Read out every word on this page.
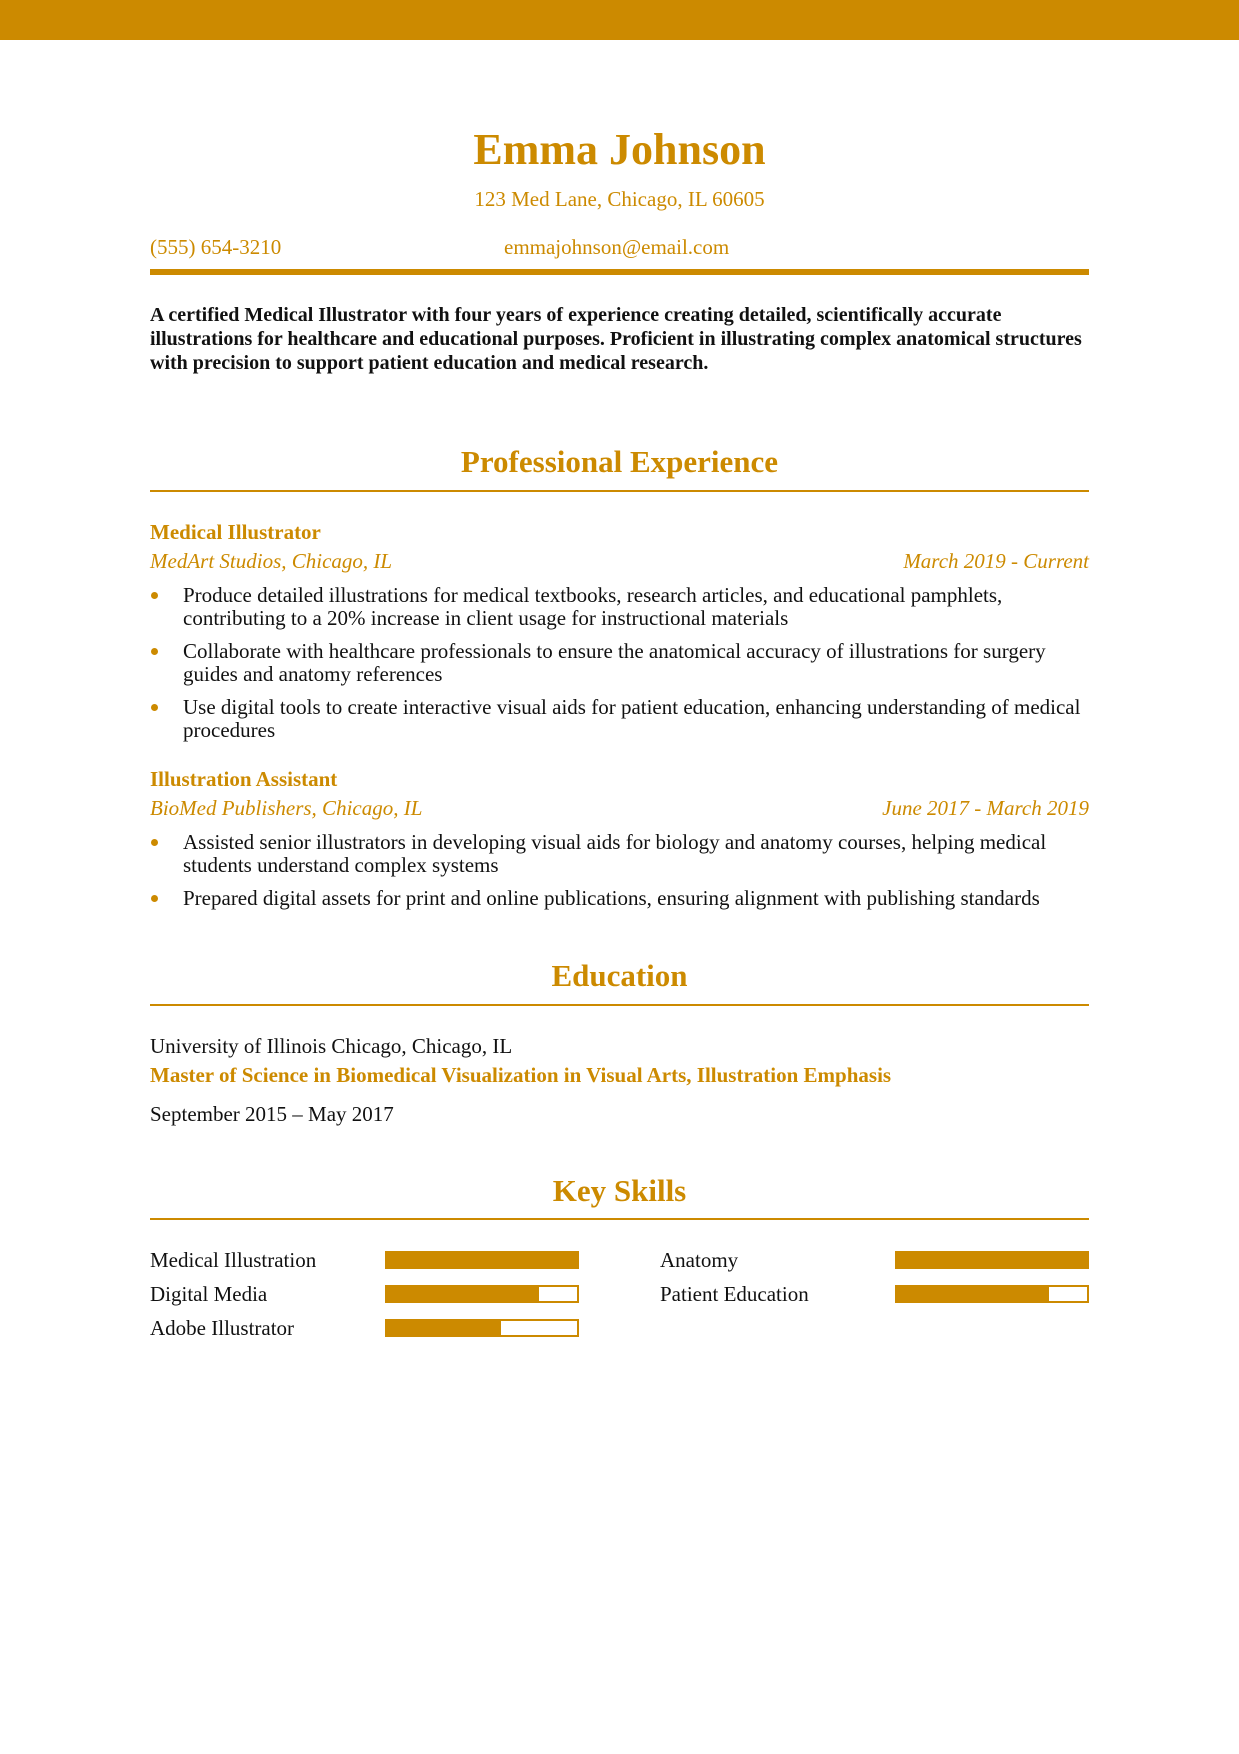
Emma Johnson
123 Med Lane, Chicago, IL 60605
(555) 654-3210	emmajohnson@email.com
A certified Medical Illustrator with four years of experience creating detailed, scientifically accurate illustrations for healthcare and educational purposes. Proficient in illustrating complex anatomical structures with precision to support patient education and medical research.
Professional Experience
Medical Illustrator
MedArt Studios, Chicago, IL	March 2019 - Current
Produce detailed illustrations for medical textbooks, research articles, and educational pamphlets, contributing to a 20% increase in client usage for instructional materials
Collaborate with healthcare professionals to ensure the anatomical accuracy of illustrations for surgery guides and anatomy references
Use digital tools to create interactive visual aids for patient education, enhancing understanding of medical procedures
Illustration Assistant
BioMed Publishers, Chicago, IL	June 2017 - March 2019
Assisted senior illustrators in developing visual aids for biology and anatomy courses, helping medical students understand complex systems
Prepared digital assets for print and online publications, ensuring alignment with publishing standards
Education
University of Illinois Chicago, Chicago, IL
Master of Science in Biomedical Visualization in Visual Arts, Illustration Emphasis
September 2015 – May 2017
Key Skills
Medical Illustration	Anatomy
Digital Media	Patient Education
Adobe Illustrator
